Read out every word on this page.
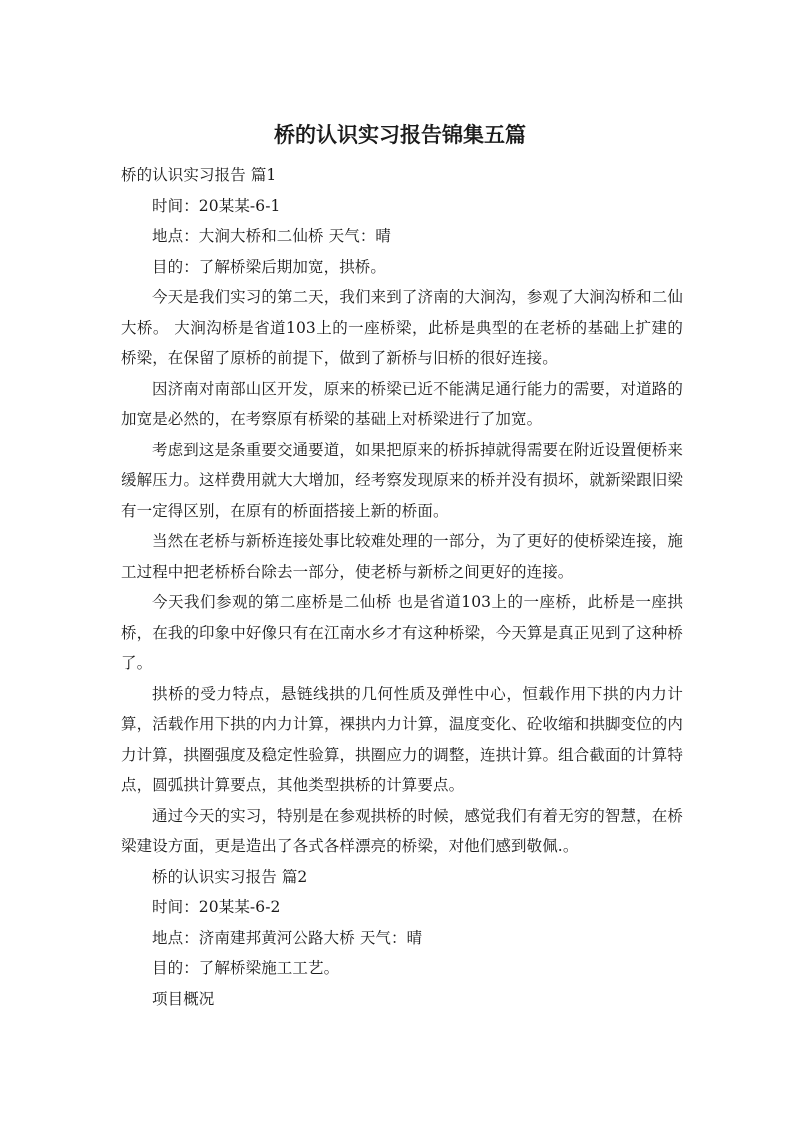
桥的认识实习报告锦集五篇

桥的认识实习报告 篇1

时间：20某某-6-1

地点：大涧大桥和二仙桥 天气：晴

目的：了解桥梁后期加宽，拱桥。

今天是我们实习的第二天，我们来到了济南的大涧沟，参观了大涧沟桥和二仙大桥。 大涧沟桥是省道103上的一座桥梁，此桥是典型的在老桥的基础上扩建的桥梁，在保留了原桥的前提下，做到了新桥与旧桥的很好连接。

因济南对南部山区开发，原来的桥梁已近不能满足通行能力的需要，对道路的加宽是必然的，在考察原有桥梁的基础上对桥梁进行了加宽。

考虑到这是条重要交通要道，如果把原来的桥拆掉就得需要在附近设置便桥来缓解压力。这样费用就大大增加，经考察发现原来的桥并没有损坏，就新梁跟旧梁有一定得区别，在原有的桥面搭接上新的桥面。

当然在老桥与新桥连接处事比较难处理的一部分，为了更好的使桥梁连接，施工过程中把老桥桥台除去一部分，使老桥与新桥之间更好的连接。

今天我们参观的第二座桥是二仙桥 也是省道103上的一座桥，此桥是一座拱桥，在我的印象中好像只有在江南水乡才有这种桥梁，今天算是真正见到了这种桥了。

拱桥的受力特点，悬链线拱的几何性质及弹性中心，恒载作用下拱的内力计算，活载作用下拱的内力计算，裸拱内力计算，温度变化、砼收缩和拱脚变位的内力计算，拱圈强度及稳定性验算，拱圈应力的调整，连拱计算。组合截面的计算特点，圆弧拱计算要点，其他类型拱桥的计算要点。

通过今天的实习，特别是在参观拱桥的时候，感觉我们有着无穷的智慧，在桥梁建设方面，更是造出了各式各样漂亮的桥梁，对他们感到敬佩.。

桥的认识实习报告 篇2

时间：20某某-6-2

地点：济南建邦黄河公路大桥 天气：晴

目的：了解桥梁施工工艺。

项目概况
